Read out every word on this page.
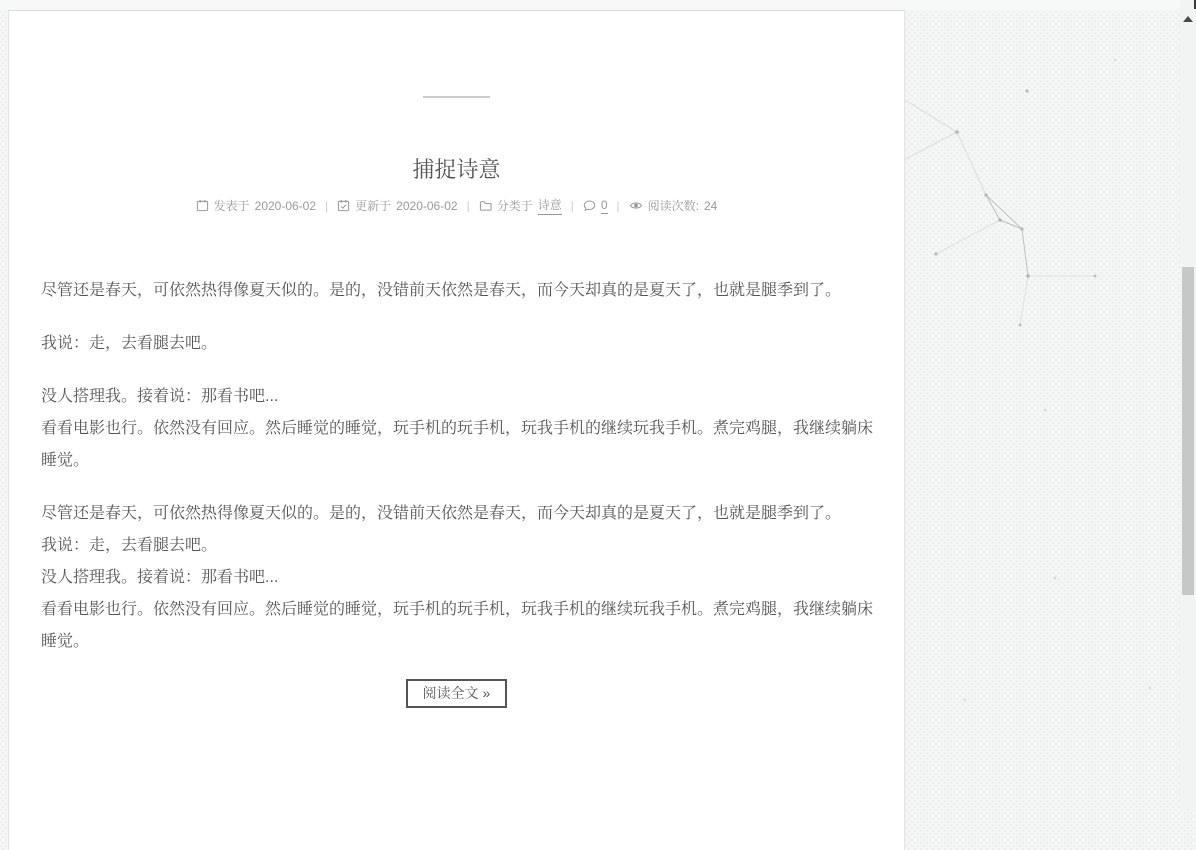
捕捉诗意
发表于 2020-06-02 | 更新于 2020-06-02 | 分类于 诗意 | 0 | 阅读次数: 24

尽管还是春天，可依然热得像夏天似的。是的，没错前天依然是春天，而今天却真的是夏天了，也就是腿季到了。

我说：走，去看腿去吧。

没人搭理我。接着说：那看书吧...
看看电影也行。依然没有回应。然后睡觉的睡觉，玩手机的玩手机，玩我手机的继续玩我手机。煮完鸡腿，我继续躺床睡觉。

尽管还是春天，可依然热得像夏天似的。是的，没错前天依然是春天，而今天却真的是夏天了，也就是腿季到了。
我说：走，去看腿去吧。
没人搭理我。接着说：那看书吧...
看看电影也行。依然没有回应。然后睡觉的睡觉，玩手机的玩手机，玩我手机的继续玩我手机。煮完鸡腿，我继续躺床睡觉。

阅读全文 »
